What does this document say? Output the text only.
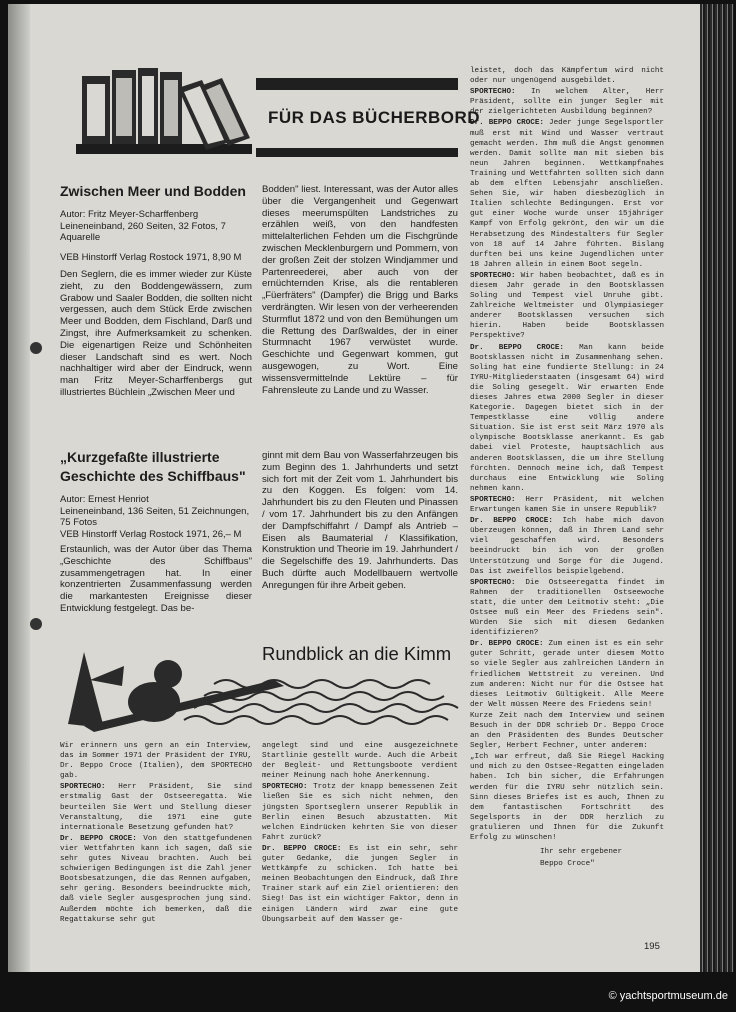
FÜR DAS BÜCHERBORD
Zwischen Meer und Bodden
Autor: Fritz Meyer-Scharffenberg
Leineneinband, 260 Seiten, 32 Fotos, 7 Aquarelle
VEB Hinstorff Verlag Rostock 1971, 8,90 M
Den Seglern, die es immer wieder zur Küste zieht, zu den Boddengewässern, zum Grabow und Saaler Bodden, die sollten nicht vergessen, auch dem Stück Erde zwischen Meer und Bodden, dem Fischland, Darß und Zingst, ihre Aufmerksamkeit zu schenken. Die eigenartigen Reize und Schönheiten dieser Landschaft sind es wert. Noch nachhaltiger wird aber der Eindruck, wenn man Fritz Meyer-Scharffenbergs gut illustriertes Büchlein „Zwischen Meer und
Bodden" liest. Interessant, was der Autor alles über die Vergangenheit und Gegenwart dieses meerumspülten Landstriches zu erzählen weiß, von den handfesten mittelalterlichen Fehden um die Fischgründe zwischen Mecklenburgern und Pommern, von der großen Zeit der stolzen Windjammer und Partenreederei, aber auch von der ernüchternden Krise, als die rentableren „Füerfräters" (Dampfer) die Brigg und Barks verdrängten. Wir lesen von der verheerenden Sturmflut 1872 und von den Bemühungen um die Rettung des Darßwaldes, der in einer Sturmnacht 1967 verwüstet wurde. Geschichte und Gegenwart kommen, gut ausgewogen, zu Wort. Eine wissensvermittelnde Lektüre – für Fahrensleute zu Lande und zu Wasser.
„Kurzgefaßte illustrierte Geschichte des Schiffbaus"
Autor: Ernest Henriot
Leineneinband, 136 Seiten, 51 Zeichnungen, 75 Fotos
VEB Hinstorff Verlag Rostock 1971, 26,– M
Erstaunlich, was der Autor über das Thema „Geschichte des Schiffbaus" zusammengetragen hat. In einer konzentrierten Zusammenfassung werden die markantesten Ereignisse dieser Entwicklung festgelegt. Das be-
ginnt mit dem Bau von Wasserfahrzeugen bis zum Beginn des 1. Jahrhunderts und setzt sich fort mit der Zeit vom 1. Jahrhundert bis zu den Koggen. Es folgen: vom 14. Jahrhundert bis zu den Fleuten und Pinassen / vom 17. Jahrhundert bis zu den Anfängen der Dampfschiffahrt / Dampf als Antrieb – Eisen als Baumaterial / Klassifikation, Konstruktion und Theorie im 19. Jahrhundert / die Segelschiffe des 19. Jahrhunderts. Das Buch dürfte auch Modellbauern wertvolle Anregungen für ihre Arbeit geben.
Rundblick an die Kimm
Wir erinnern uns gern an ein Interview, das im Sommer 1971 der Präsident der IYRU, Dr. Beppo Croce (Italien), dem SPORTECHO gab.
SPORTECHO: Herr Präsident, Sie sind erstmalig Gast der Ostseeregatta. Wie beurteilen Sie Wert und Stellung dieser Veranstaltung, die 1971 eine gute internationale Besetzung gefunden hat?
Dr. BEPPO CROCE: Von den stattgefundenen vier Wettfahrten kann ich sagen, daß sie sehr gutes Niveau brachten. Auch bei schwierigen Bedingungen ist die Zahl jener Bootsbesatzungen, die das Rennen aufgaben, sehr gering. Besonders beeindruckte mich, daß viele Segler ausgesprochen jung sind. Außerdem möchte ich bemerken, daß die Regattakurse sehr gut
angelegt sind und eine ausgezeichnete Startlinie gestellt wurde. Auch die Arbeit der Begleit- und Rettungsboote verdient meiner Meinung nach hohe Anerkennung.
SPORTECHO: Trotz der knapp bemessenen Zeit ließen Sie es sich nicht nehmen, den jüngsten Sportseglern unserer Republik in Berlin einen Besuch abzustatten. Mit welchen Eindrücken kehrten Sie von dieser Fahrt zurück?
Dr. BEPPO CROCE: Es ist ein sehr, sehr guter Gedanke, die jungen Segler in Wettkämpfe zu schicken. Ich hatte bei meinen Beobachtungen den Eindruck, daß Ihre Trainer stark auf ein Ziel orientieren: den Sieg! Das ist ein wichtiger Faktor, denn in einigen Ländern wird zwar eine gute Übungsarbeit auf dem Wasser ge-
leistet, doch das Kämpfertum wird nicht oder nur ungenügend ausgebildet.
SPORTECHO: In welchem Alter, Herr Präsident, sollte ein junger Segler mit der zielgerichteten Ausbildung beginnen?
Dr. BEPPO CROCE: Jeder junge Segelsportler muß erst mit Wind und Wasser vertraut gemacht werden. Ihm muß die Angst genommen werden. Damit sollte man mit sieben bis neun Jahren beginnen. Wettkampfnahes Training und Wettfahrten sollten sich dann ab dem elften Lebensjahr anschließen. Sehen Sie, wir haben diesbezüglich in Italien schlechte Bedingungen. Erst vor gut einer Woche wurde unser 15jähriger Kampf von Erfolg gekrönt, den wir um die Herabsetzung des Mindestalters für Segler von 18 auf 14 Jahre führten. Bislang durften bei uns keine Jugendlichen unter 18 Jahren allein in einem Boot segeln.
SPORTECHO: Wir haben beobachtet, daß es in diesem Jahr gerade in den Bootsklassen Soling und Tempest viel Unruhe gibt. Zahlreiche Weltmeister und Olympiasieger anderer Bootsklassen versuchen sich hierin. Haben beide Bootsklassen Perspektive?
Dr. BEPPO CROCE: Man kann beide Bootsklassen nicht im Zusammenhang sehen. Soling hat eine fundierte Stellung: in 24 IYRU-Mitgliederstaaten (insgesamt 64) wird die Soling gesegelt. Wir erwarten Ende dieses Jahres etwa 2000 Segler in dieser Kategorie. Dagegen bietet sich in der Tempestklasse eine völlig andere Situation. Sie ist erst seit März 1970 als olympische Bootsklasse anerkannt. Es gab dabei viel Proteste, hauptsächlich aus anderen Bootsklassen, die um ihre Stellung fürchten. Dennoch meine ich, daß Tempest durchaus eine Entwicklung wie Soling nehmen kann.
SPORTECHO: Herr Präsident, mit welchen Erwartungen kamen Sie in unsere Republik?
Dr. BEPPO CROCE: Ich habe mich davon überzeugen können, daß in Ihrem Land sehr viel geschaffen wird. Besonders beeindruckt bin ich von der großen Unterstützung und Sorge für die Jugend. Das ist zweifellos beispielgebend.
SPORTECHO: Die Ostseeregatta findet im Rahmen der traditionellen Ostseewoche statt, die unter dem Leitmotiv steht: „Die Ostsee muß ein Meer des Friedens sein". Würden Sie sich mit diesem Gedanken identifizieren?
Dr. BEPPO CROCE: Zum einen ist es ein sehr guter Schritt, gerade unter diesem Motto so viele Segler aus zahlreichen Ländern in friedlichem Wettstreit zu vereinen. Und zum anderen: Nicht nur für die Ostsee hat dieses Leitmotiv Gültigkeit. Alle Meere der Welt müssen Meere des Friedens sein!
Kurze Zeit nach dem Interview und seinem Besuch in der DDR schrieb Dr. Beppo Croce an den Präsidenten des Bundes Deutscher Segler, Herbert Fechner, unter anderem:
„Ich war erfreut, daß Sie Riegel Hacking und mich zu den Ostsee-Regatten eingeladen haben. Ich bin sicher, die Erfahrungen werden für die IYRU sehr nützlich sein. Sinn dieses Briefes ist es auch, Ihnen zu dem fantastischen Fortschritt des Segelsports in der DDR herzlich zu gratulieren und Ihnen für die Zukunft Erfolg zu wünschen!
Ihr sehr ergebener
Beppo Croce"
195
© yachtsportmuseum.de
